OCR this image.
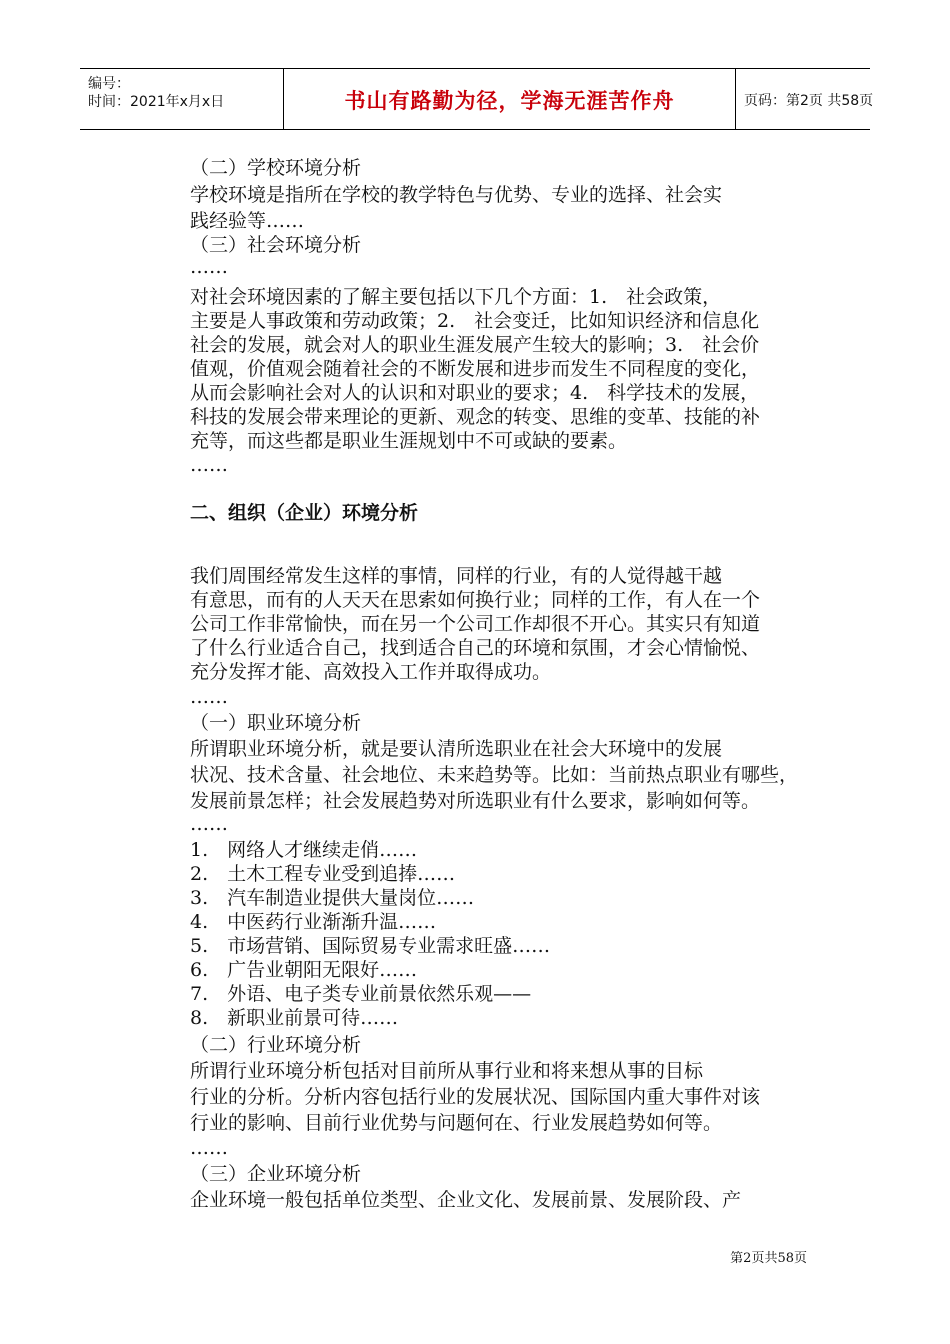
编号：
时间：2021年x月x日	书山有路勤为径，学海无涯苦作舟	页码：第2页 共58页
（二）学校环境分析
学校环境是指所在学校的教学特色与优势、专业的选择、社会实
践经验等……
（三）社会环境分析
……
对社会环境因素的了解主要包括以下几个方面：1.　社会政策，
主要是人事政策和劳动政策；2.　社会变迁，比如知识经济和信息化
社会的发展，就会对人的职业生涯发展产生较大的影响；3.　社会价
值观，价值观会随着社会的不断发展和进步而发生不同程度的变化，
从而会影响社会对人的认识和对职业的要求；4.　科学技术的发展，
科技的发展会带来理论的更新、观念的转变、思维的变革、技能的补
充等，而这些都是职业生涯规划中不可或缺的要素。
……
二、组织（企业）环境分析
我们周围经常发生这样的事情，同样的行业，有的人觉得越干越
有意思，而有的人天天在思索如何换行业；同样的工作，有人在一个
公司工作非常愉快，而在另一个公司工作却很不开心。其实只有知道
了什么行业适合自己，找到适合自己的环境和氛围，才会心情愉悦、
充分发挥才能、高效投入工作并取得成功。
……
（一）职业环境分析
所谓职业环境分析，就是要认清所选职业在社会大环境中的发展
状况、技术含量、社会地位、未来趋势等。比如：当前热点职业有哪些，
发展前景怎样；社会发展趋势对所选职业有什么要求，影响如何等。
……
1.　网络人才继续走俏……
2.　土木工程专业受到追捧……
3.　汽车制造业提供大量岗位……
4.　中医药行业渐渐升温……
5.　市场营销、国际贸易专业需求旺盛……
6.　广告业朝阳无限好……
7.　外语、电子类专业前景依然乐观——
8.　新职业前景可待……
（二）行业环境分析
所谓行业环境分析包括对目前所从事行业和将来想从事的目标
行业的分析。分析内容包括行业的发展状况、国际国内重大事件对该
行业的影响、目前行业优势与问题何在、行业发展趋势如何等。
……
（三）企业环境分析
企业环境一般包括单位类型、企业文化、发展前景、发展阶段、产
第2页共58页
